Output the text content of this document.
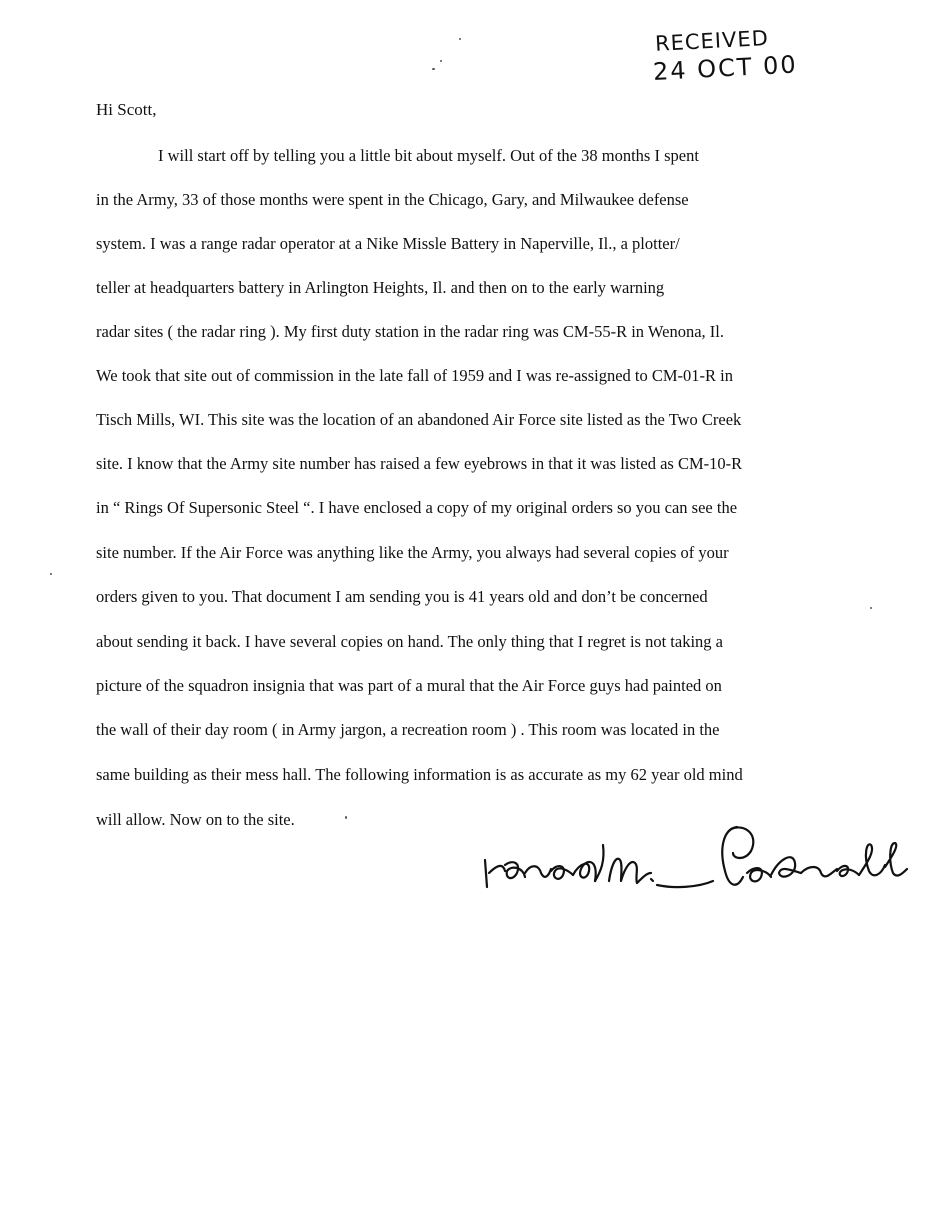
RECEIVED
24 OCT 00
Hi Scott,
I will start off by telling you a little bit about myself. Out of the 38 months I spent
in the Army, 33 of those months were spent in the Chicago, Gary, and Milwaukee defense
system. I was a range radar operator at a Nike Missle Battery in Naperville, Il., a plotter/
teller at headquarters battery in Arlington Heights, Il. and then on to the early warning
radar sites ( the radar ring ). My first duty station in the radar ring was CM-55-R in Wenona, Il.
We took that site out of commission in the late fall of 1959 and I was re-assigned to CM-01-R in
Tisch Mills, WI. This site was the location of an abandoned Air Force site listed as the Two Creek
site. I know that the Army site number has raised a few eyebrows in that it was listed as CM-10-R
in “ Rings Of Supersonic Steel “. I have enclosed a copy of my original orders so you can see the
site number. If the Air Force was anything like the Army, you always had several copies of your
orders given to you. That document I am sending you is 41 years old and don’t be concerned
about sending it back. I have several copies on hand. The only thing that I regret is not taking a
picture of the squadron insignia that was part of a mural that the Air Force guys had painted on
the wall of their day room ( in Army jargon, a recreation room ) . This room was located in the
same building as their mess hall. The following information is as accurate as my 62 year old mind
will allow. Now on to the site.
